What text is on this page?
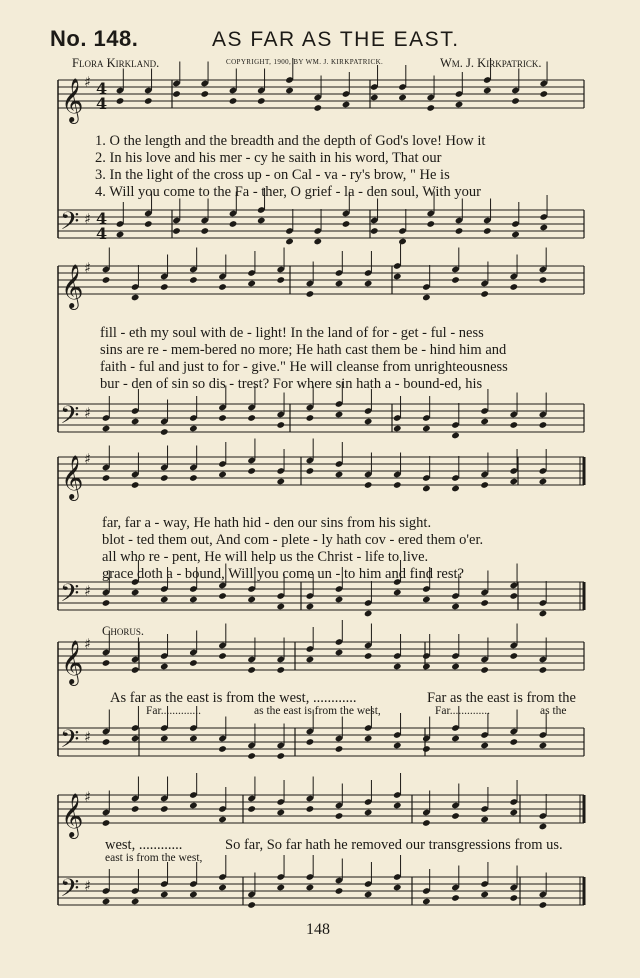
No. 148.	AS FAR AS THE EAST.
Flora Kirkland.	COPYRIGHT, 1900, BY WM. J. KIRKPATRICK.	Wm. J. Kirkpatrick.
𝄞 ♯ 4
4
𝄢 ♯ 4
4
𝄞 ♯
𝄢 ♯
𝄞 ♯
𝄢 ♯
𝄞 ♯
𝄢 ♯
𝄞 ♯
𝄢 ♯
1. O the length and the breadth and the depth of God's love! How it
2. In his love and his mer - cy he saith in his word, That our
3. In the light of the cross up - on Cal - va - ry's brow, " He is
4. Will you come to the Fa - ther, O grief - la - den soul, With your
fill - eth my soul with de - light! In the land of for - get - ful - ness
sins are re - mem-bered no more; He hath cast them be - hind him and
faith - ful and just to for - give." He will cleanse from unrighteousness
bur - den of sin so dis - trest? For where sin hath a - bound-ed, his
far, far a - way, He hath hid - den our sins from his sight.
blot - ted them out, And com - plete - ly hath cov - ered them o'er.
all who re - pent, He will help us the Christ - life to live.
grace doth a - bound, Will you come un - to him and find rest?
Chorus.
As far as the east is from the west, ............	Far as the east is from the
Far..............	as the east is from the west,	Far..............	as the
west, ............	So far, So far hath he removed our transgressions from us.
east is from the west,
148
